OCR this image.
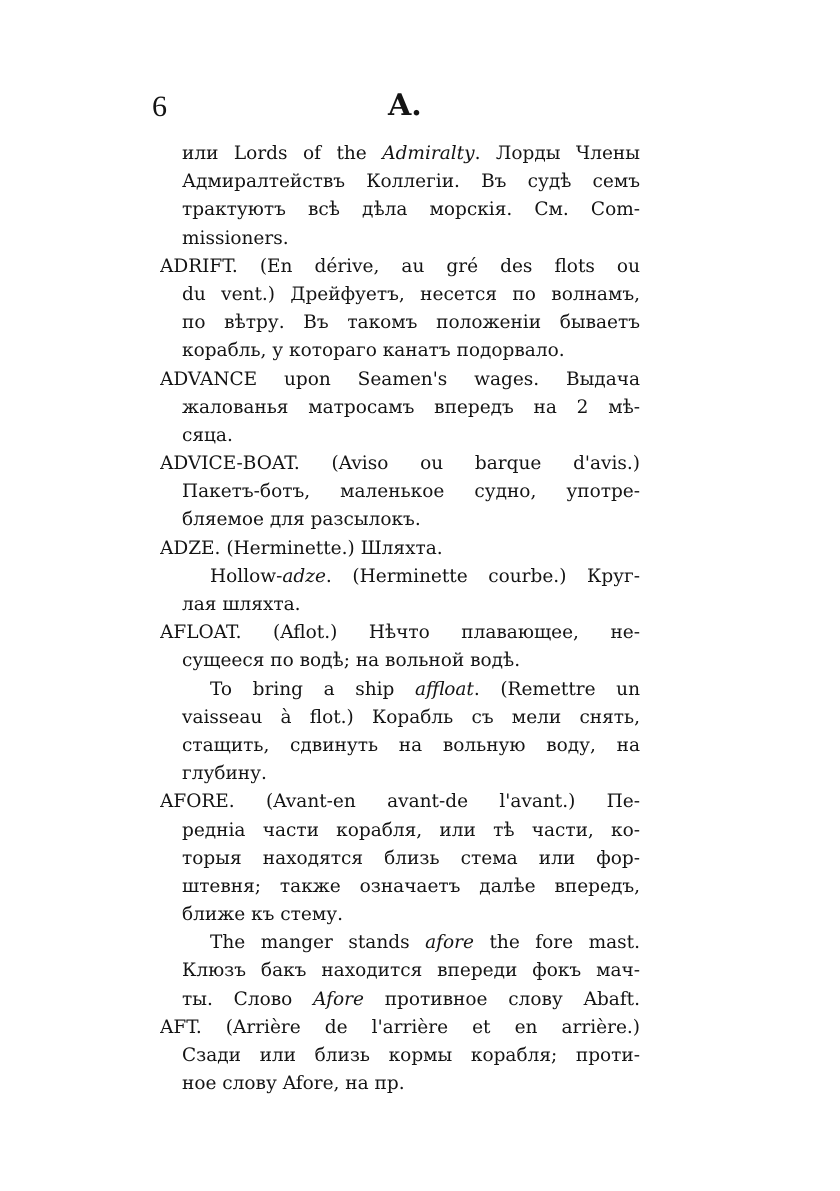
6	A.
или Lords of the Admiralty. Лорды Члены
Адмиралтействъ Коллегіи. Въ судѣ семъ
трактуютъ всѣ дѣла морскія. См. Com-
missioners.
ADRIFT. (En dérive, au gré des flots ou
du vent.) Дрейфуетъ, несется по волнамъ,
по вѣтру. Въ такомъ положеніи бываетъ
корабль, у котораго канатъ подорвало.
ADVANCE upon Seamen's wages. Выдача
жалованья матросамъ впередъ на 2 мѣ-
сяца.
ADVICE-BOAT. (Aviso ou barque d'avis.)
Пакетъ-ботъ, маленькое судно, употре-
бляемое для разсылокъ.
ADZE. (Herminette.) Шляхта.
Hollow-adze. (Herminette courbe.) Круг-
лая шляхта.
AFLOAT. (Aflot.) Нѣчто плавающее, не-
сущееся по водѣ; на вольной водѣ.
To bring a ship affloat. (Remettre un
vaisseau à flot.) Корабль съ мели снять,
стащить, сдвинуть на вольную воду, на
глубину.
AFORE. (Avant-en avant-de l'avant.) Пе-
редніа части корабля, или тѣ части, ко-
торыя находятся близь стема или фор-
штевня; также означаетъ далѣе впередъ,
ближе къ стему.
The manger stands afore the fore mast.
Клюзъ бакъ находится впереди фокъ мач-
ты. Слово Afore противное слову Abaft.
AFT. (Arrière de l'arrière et en arrière.)
Сзади или близь кормы корабля; проти-
ное слову Afore, на пр.
